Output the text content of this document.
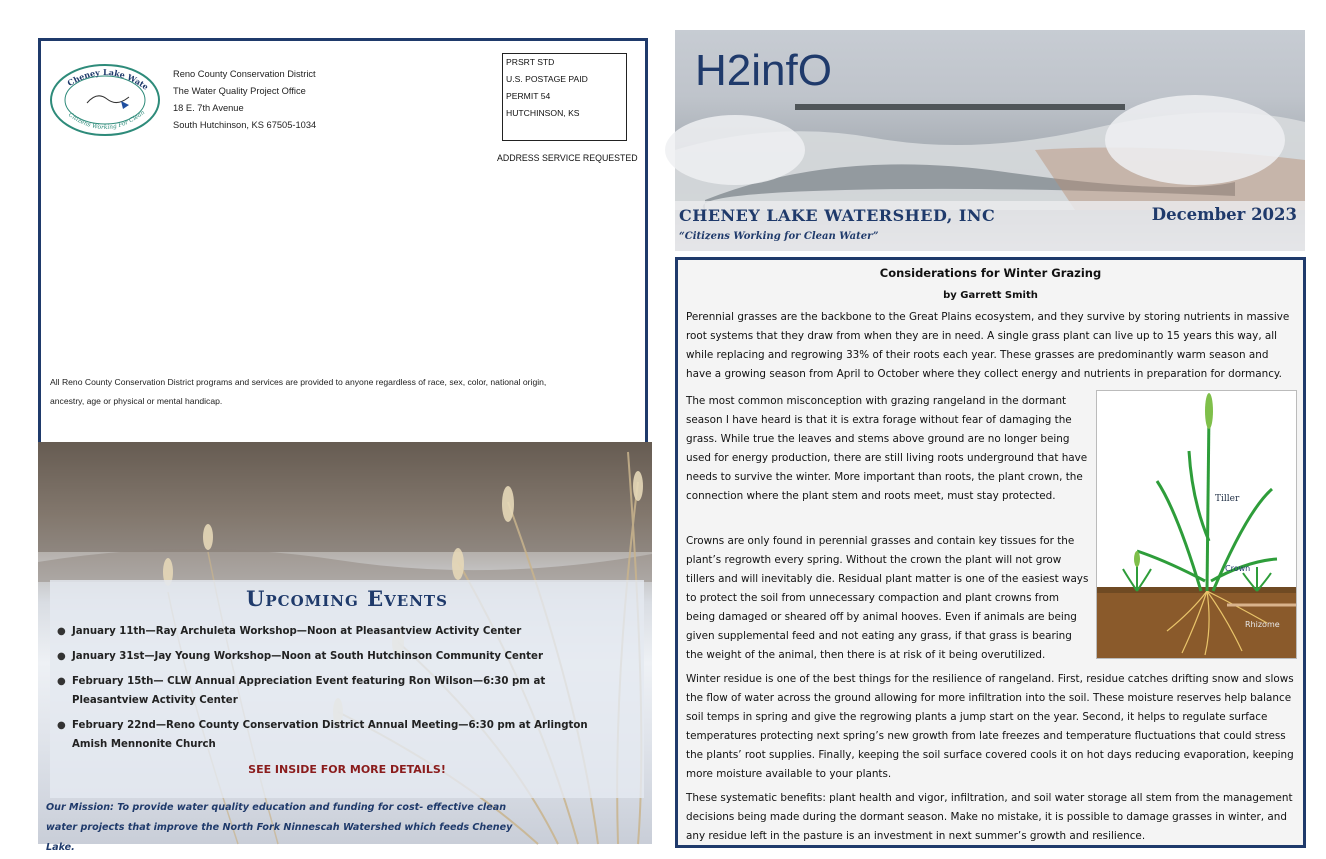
Cheney Lake Wate
Citizens Working For Clean
Reno County Conservation District
The Water Quality Project Office
18 E. 7th Avenue
South Hutchinson, KS 67505-1034
PRSRT STD
U.S. POSTAGE PAID
PERMIT 54
HUTCHINSON, KS
ADDRESS SERVICE REQUESTED
All Reno County Conservation District programs and services are provided to anyone regardless of race, sex, color, national origin,
ancestry, age or physical or mental handicap.
Upcoming Events
● January 11th—Ray Archuleta Workshop—Noon at Pleasantview Activity Center
● January 31st—Jay Young Workshop—Noon at South Hutchinson Community Center
● February 15th— CLW Annual Appreciation Event featuring Ron Wilson—6:30 pm at Pleasantview Activity Center
● February 22nd—Reno County Conservation District Annual Meeting—6:30 pm at Arlington Amish Mennonite Church
SEE INSIDE FOR MORE DETAILS!
Our Mission: To provide water quality education and funding for cost- effective clean water projects that improve the North Fork Ninnescah Watershed which feeds Cheney Lake.
H2infO
CHENEY LAKE WATERSHED, INC	December 2023
“Citizens Working for Clean Water”
Considerations for Winter Grazing
by Garrett Smith

Perennial grasses are the backbone to the Great Plains ecosystem, and they survive by storing nutrients in massive root systems that they draw from when they are in need. A single grass plant can live up to 15 years this way, all while replacing and regrowing 33% of their roots each year. These grasses are predominantly warm season and have a growing season from April to October where they collect energy and nutrients in preparation for dormancy.

The most common misconception with grazing rangeland in the dormant season I have heard is that it is extra forage without fear of damaging the grass. While true the leaves and stems above ground are no longer being used for energy production, there are still living roots underground that have needs to survive the winter. More important than roots, the plant crown, the connection where the plant stem and roots meet, must stay protected.

Crowns are only found in perennial grasses and contain key tissues for the plant’s regrowth every spring. Without the crown the plant will not grow tillers and will inevitably die. Residual plant matter is one of the easiest ways to protect the soil from unnecessary compaction and plant crowns from being damaged or sheared off by animal hooves. Even if animals are being given supplemental feed and not eating any grass, if that grass is bearing the weight of the animal, then there is at risk of it being overutilized.

Tiller
Crown
Rhizome

Winter residue is one of the best things for the resilience of rangeland. First, residue catches drifting snow and slows the flow of water across the ground allowing for more infiltration into the soil. These moisture reserves help balance soil temps in spring and give the regrowing plants a jump start on the year. Second, it helps to regulate surface temperatures protecting next spring’s new growth from late freezes and temperature fluctuations that could stress the plants’ root supplies. Finally, keeping the soil surface covered cools it on hot days reducing evaporation, keeping more moisture available to your plants.

These systematic benefits: plant health and vigor, infiltration, and soil water storage all stem from the management decisions being made during the dormant season. Make no mistake, it is possible to damage grasses in winter, and any residue left in the pasture is an investment in next summer’s growth and resilience.
